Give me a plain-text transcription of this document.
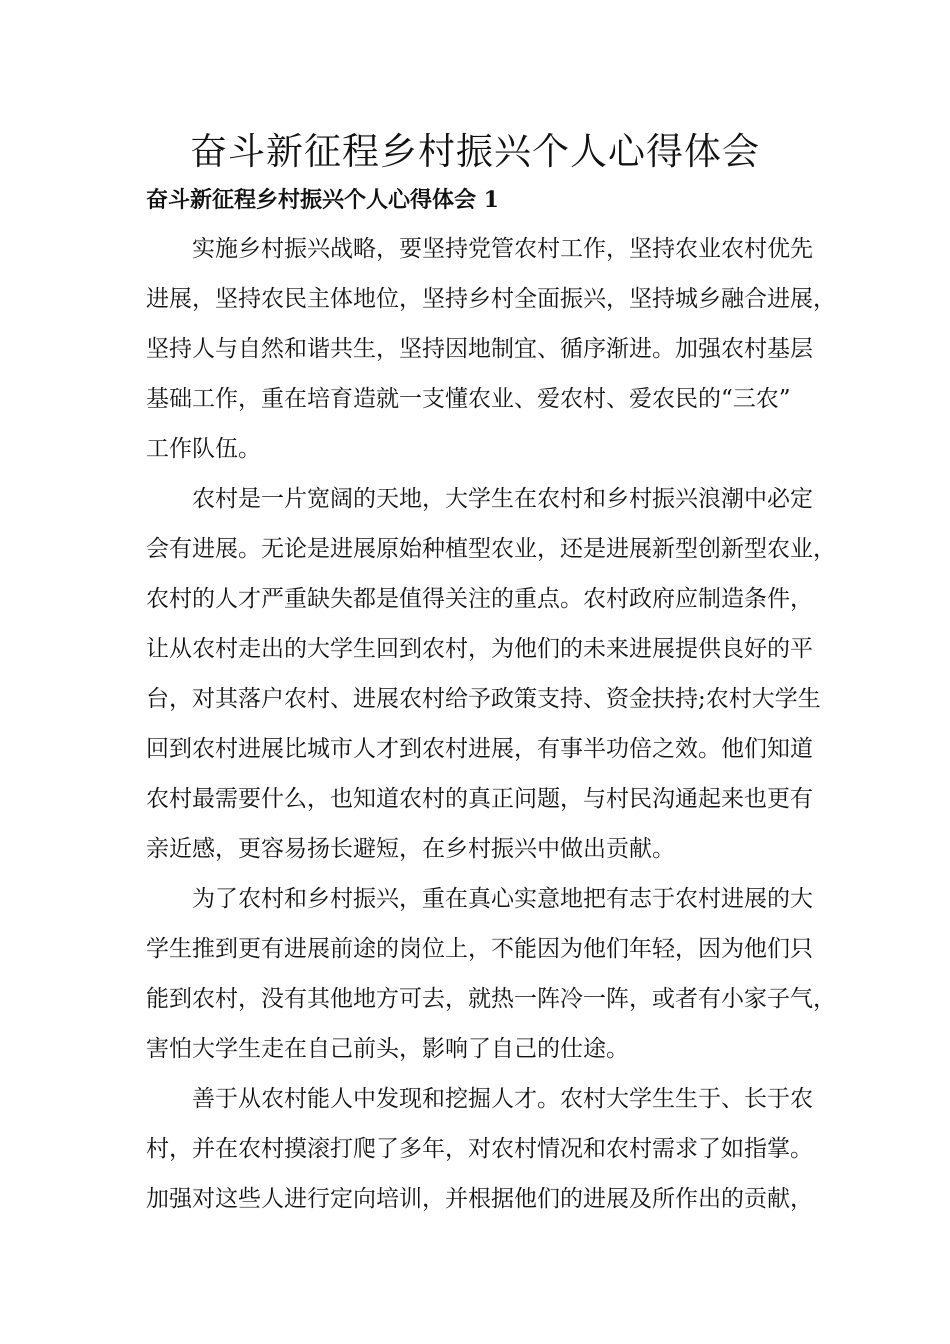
奋斗新征程乡村振兴个人心得体会
奋斗新征程乡村振兴个人心得体会 1

实施乡村振兴战略，要坚持党管农村工作，坚持农业农村优先

进展，坚持农民主体地位，坚持乡村全面振兴，坚持城乡融合进展，

坚持人与自然和谐共生，坚持因地制宜、循序渐进。加强农村基层

基础工作，重在培育造就一支懂农业、爱农村、爱农民的“三农”

工作队伍。

农村是一片宽阔的天地，大学生在农村和乡村振兴浪潮中必定

会有进展。无论是进展原始种植型农业，还是进展新型创新型农业，

农村的人才严重缺失都是值得关注的重点。农村政府应制造条件，

让从农村走出的大学生回到农村，为他们的未来进展提供良好的平

台，对其落户农村、进展农村给予政策支持、资金扶持;农村大学生

回到农村进展比城市人才到农村进展，有事半功倍之效。他们知道

农村最需要什么，也知道农村的真正问题，与村民沟通起来也更有

亲近感，更容易扬长避短，在乡村振兴中做出贡献。

为了农村和乡村振兴，重在真心实意地把有志于农村进展的大

学生推到更有进展前途的岗位上，不能因为他们年轻，因为他们只

能到农村，没有其他地方可去，就热一阵冷一阵，或者有小家子气，

害怕大学生走在自己前头，影响了自己的仕途。

善于从农村能人中发现和挖掘人才。农村大学生生于、长于农

村，并在农村摸滚打爬了多年，对农村情况和农村需求了如指掌。

加强对这些人进行定向培训，并根据他们的进展及所作出的贡献，
